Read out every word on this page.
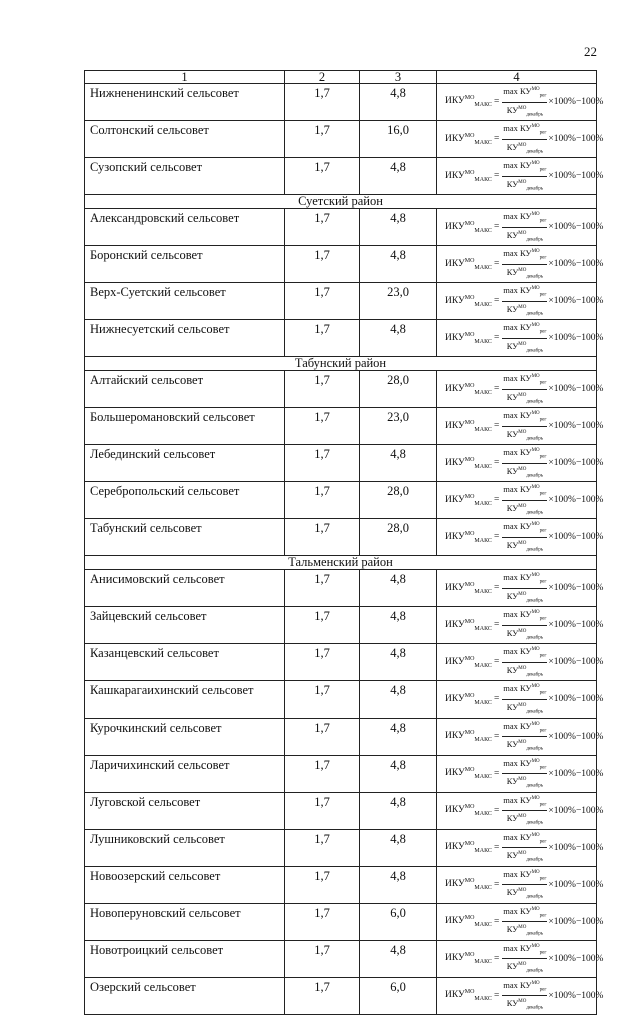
22
1	2	3	4
Нижнененинский сельсовет	1,7	4,8	$ИКУ^{МО}_{МАКС} = \frac{\max КУ^{МО}_{рег}}{КУ^{МО}_{декабрь}} \times 100\%-100\%$

Солтонский сельсовет	1,7	16,0	$ИКУ^{МО}_{МАКС} = \frac{\max КУ^{МО}_{рег}}{КУ^{МО}_{декабрь}} \times 100\%-100\%$

Сузопский сельсовет	1,7	4,8	$ИКУ^{МО}_{МАКС} = \frac{\max КУ^{МО}_{рег}}{КУ^{МО}_{декабрь}} \times 100\%-100\%$

Суетский район			
Александровский сельсовет	1,7	4,8	$ИКУ^{МО}_{МАКС} = \frac{\max КУ^{МО}_{рег}}{КУ^{МО}_{декабрь}} \times 100\%-100\%$

Боронский сельсовет	1,7	4,8	$ИКУ^{МО}_{МАКС} = \frac{\max КУ^{МО}_{рег}}{КУ^{МО}_{декабрь}} \times 100\%-100\%$

Верх-Суетский сельсовет	1,7	23,0	$ИКУ^{МО}_{МАКС} = \frac{\max КУ^{МО}_{рег}}{КУ^{МО}_{декабрь}} \times 100\%-100\%$

Нижнесуетский сельсовет	1,7	4,8	$ИКУ^{МО}_{МАКС} = \frac{\max КУ^{МО}_{рег}}{КУ^{МО}_{декабрь}} \times 100\%-100\%$

Табунский район			
Алтайский сельсовет	1,7	28,0	$ИКУ^{МО}_{МАКС} = \frac{\max КУ^{МО}_{рег}}{КУ^{МО}_{декабрь}} \times 100\%-100\%$

Большеромановский сельсовет	1,7	23,0	$ИКУ^{МО}_{МАКС} = \frac{\max КУ^{МО}_{рег}}{КУ^{МО}_{декабрь}} \times 100\%-100\%$

Лебединский сельсовет	1,7	4,8	$ИКУ^{МО}_{МАКС} = \frac{\max КУ^{МО}_{рег}}{КУ^{МО}_{декабрь}} \times 100\%-100\%$

Серебропольский сельсовет	1,7	28,0	$ИКУ^{МО}_{МАКС} = \frac{\max КУ^{МО}_{рег}}{КУ^{МО}_{декабрь}} \times 100\%-100\%$

Табунский сельсовет	1,7	28,0	$ИКУ^{МО}_{МАКС} = \frac{\max КУ^{МО}_{рег}}{КУ^{МО}_{декабрь}} \times 100\%-100\%$

Тальменский район			
Анисимовский сельсовет	1,7	4,8	$ИКУ^{МО}_{МАКС} = \frac{\max КУ^{МО}_{рег}}{КУ^{МО}_{декабрь}} \times 100\%-100\%$

Зайцевский сельсовет	1,7	4,8	$ИКУ^{МО}_{МАКС} = \frac{\max КУ^{МО}_{рег}}{КУ^{МО}_{декабрь}} \times 100\%-100\%$

Казанцевский сельсовет	1,7	4,8	$ИКУ^{МО}_{МАКС} = \frac{\max КУ^{МО}_{рег}}{КУ^{МО}_{декабрь}} \times 100\%-100\%$

Кашкарагаихинский сельсовет	1,7	4,8	$ИКУ^{МО}_{МАКС} = \frac{\max КУ^{МО}_{рег}}{КУ^{МО}_{декабрь}} \times 100\%-100\%$

Курочкинский сельсовет	1,7	4,8	$ИКУ^{МО}_{МАКС} = \frac{\max КУ^{МО}_{рег}}{КУ^{МО}_{декабрь}} \times 100\%-100\%$

Ларичихинский сельсовет	1,7	4,8	$ИКУ^{МО}_{МАКС} = \frac{\max КУ^{МО}_{рег}}{КУ^{МО}_{декабрь}} \times 100\%-100\%$

Луговской сельсовет	1,7	4,8	$ИКУ^{МО}_{МАКС} = \frac{\max КУ^{МО}_{рег}}{КУ^{МО}_{декабрь}} \times 100\%-100\%$

Лушниковский сельсовет	1,7	4,8	$ИКУ^{МО}_{МАКС} = \frac{\max КУ^{МО}_{рег}}{КУ^{МО}_{декабрь}} \times 100\%-100\%$

Новоозерский сельсовет	1,7	4,8	$ИКУ^{МО}_{МАКС} = \frac{\max КУ^{МО}_{рег}}{КУ^{МО}_{декабрь}} \times 100\%-100\%$

Новоперуновский сельсовет	1,7	6,0	$ИКУ^{МО}_{МАКС} = \frac{\max КУ^{МО}_{рег}}{КУ^{МО}_{декабрь}} \times 100\%-100\%$

Новотроицкий сельсовет	1,7	4,8	$ИКУ^{МО}_{МАКС} = \frac{\max КУ^{МО}_{рег}}{КУ^{МО}_{декабрь}} \times 100\%-100\%$

Озерский сельсовет	1,7	6,0	$ИКУ^{МО}_{МАКС} = \frac{\max КУ^{МО}_{рег}}{КУ^{МО}_{декабрь}} \times 100\%-100\%$
